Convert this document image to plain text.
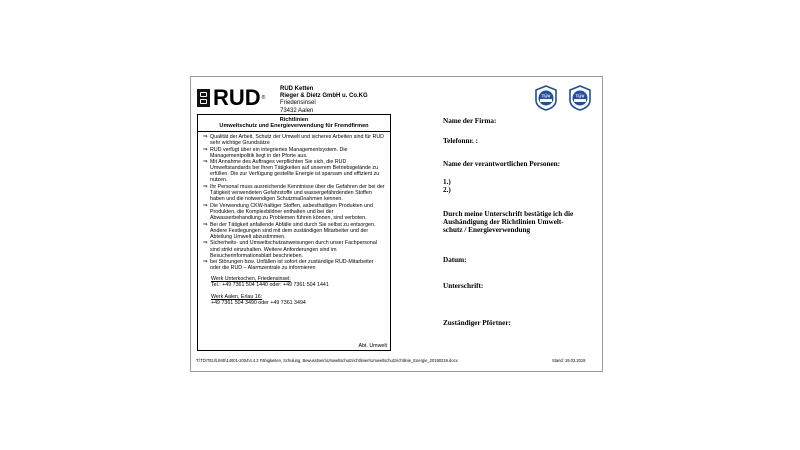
RUD ®
RUD Ketten
Rieger & Dietz GmbH u. Co.KG
Friedensinsel
73432 Aalen
TÜV	TÜV
Richtlinien
Umweltschutz und Energieverwendung für Fremdfirmen
⇒ Qualität der Arbeit, Schutz der Umwelt und sicheres Arbeiten sind für RUD sehr wichtige Grundsätze
⇒ RUD verfügt über ein integriertes Managementsystem. Die Managementpolitik liegt in der Pforte aus.
⇒ Mit Annahme des Auftrages verpflichten Sie sich, die RUD Umweltstandards bei Ihren Tätigkeiten auf unserem Betriebsgelände zu erfüllen. Die zur Verfügung gestellte Energie ist sparsam und effizient zu nutzen.
⇒ Ihr Personal muss ausreichende Kenntnisse über die Gefahren der bei der Tätigkeit verwendeten Gefahrstoffe und wassergefährdenden Stoffen haben und die notwendigen Schutzmaßnahmen kennen.
⇒ Die Verwendung CKW-haltiger Stoffen, asbesthaltigen Produkten und Produkten, die Komplexbildner enthalten und bei der Abwasserbehandlung zu Problemen führen können, sind verboten.
⇒ Bei der Tätigkeit anfallende Abfälle sind durch Sie selbst zu entsorgen. Andere Festlegungen sind mit dem zuständigen Mitarbeiter und der Abteilung Umwelt abzustimmen.
⇒ Sicherheits- und Umweltschutzanweisungen durch unser Fachpersonal sind strikt einzuhalten. Weitere Anforderungen sind im Besucherinformationsblatt beschrieben.
⇒ bei Störungen bzw. Unfällen ist sofort der zuständige RUD-Mitarbeiter oder die RUD – Alarmzentrale zu informieren
Werk Unterkochen, Friedensinsel:
Tel.: +49 7361 504 1440 oder: +49 7361 504 1441
Werk Aalen, Erlau 16:
+49 7361 504 3490 oder +49 7361 3494
Abt. Umwelt
Name der Firma:
Telefonnr. :
Name der verantwortlichen Personen:
1.)
2.)
Durch meine Unterschrift bestätige ich die
Aushändigung der Richtlinien Umwelt-
schutz / Energieverwendung
Datum:
Unterschrift:
Zuständiger Pförtner:
T:\TD\TEU\UMS\14001-2004\4.4.2 Fähigkeiten, Schulung, Bewusstsein\Umweltschutzrichtlinien\Umweltschutzrichtlinie_Energie_20190219.docx	Stand: 19.02.2019
